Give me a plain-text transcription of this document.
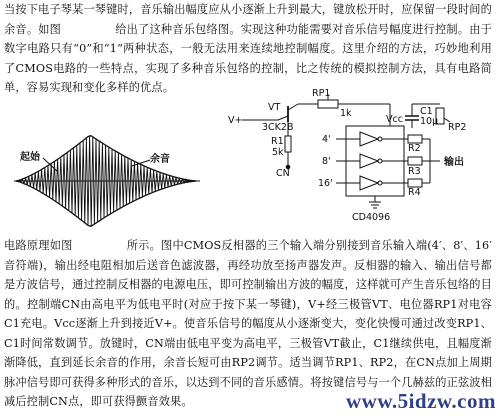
当按下电子琴某一琴键时，音乐输出幅度应从小逐渐上升到最大，键放松开时，应保留一段时间的余音。如图	给出了这种音乐包络图。实现这种功能需要对音乐信号幅度进行控制。由于数字电路只有“0”和“1”两种状态，一般无法用来连续地控制幅度。这里介绍的方法，巧妙地利用了CMOS电路的一些特点，实现了多种音乐包络的控制，比之传统的模拟控制方法，具有电路简单，容易实现和变化多样的优点。
起始	余音
V+
VT
3CK2B
RP1
1k
R1
5k
Vcc
C1
10μ
RP2
R2
R3
R4
4'
8'
16'
输出
CN
CD4096
电路原理如图	所示。图中CMOS反相器的三个输入端分别接到音乐输入端(4′、8′、16′音符端)，输出经电阻相加后送音色滤波器，再经功放至扬声器发声。反相器的输入、输出信号都是方波信号，通过控制反相器的电源电压，即可控制输出方波的幅度，这样就可产生音乐包络的目的。控制端CN由高电平为低电平时(对应于按下某一琴键)，V+经三极管VT、电位器RP1对电容C1充电。Vcc逐渐上升到接近V+。使音乐信号的幅度从小逐渐变大，变化快慢可通过改变RP1、C1时间常数调节。放键时，CN端由低电平变为高电平，三极管VT截止，C1继续供电，且幅度渐渐降低，直到延长余音的作用，余音长短可由RP2调节。适当调节RP1、RP2，在CN点加上周期脉冲信号即可获得多种形式的音乐，以达到不同的音乐感情。将按键信号与一个几赫兹的正弦波相减后控制CN点，即可获得颤音效果。	www.5idzw.com
